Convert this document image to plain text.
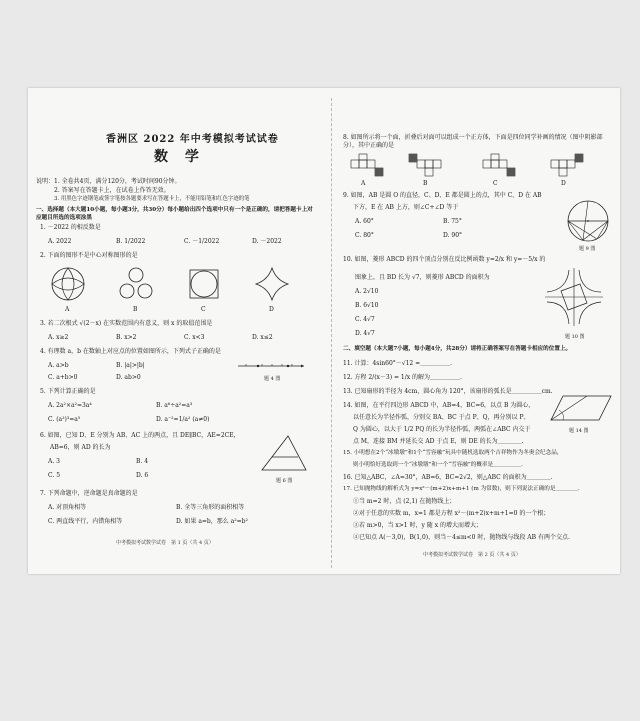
香洲区 2022 年中考模拟考试试卷
数 学
说明：1. 全卷共4页，满分120分，考试时间90分钟。
2. 答案写在答题卡上，在试卷上作答无效。
3. 用黑色字迹钢笔或签字笔按各题要求写在答题卡上，不能用铅笔和红色字迹的笔
一、选择题（本大题10小题，每小题3分，共30分）每小题给出四个选项中只有一个是正确的，请把答题卡上对应题目所选的选项涂黑
1. －2022 的相反数是
A. 2022	B. 1/2022	C. －1/2022	D. －2022
2. 下面的图形不是中心对称图形的是
A	B	C	D
3. 若二次根式 √(2－x) 在实数范围内有意义，则 x 的取值范围是
A. x≥2	B. x>2	C. x<3	D. x≤2
4. 有理数 a，b 在数轴上对应点的位置如图所示，下列式子正确的是
A. a>b	B. |a|>|b|
C. a+b>0	D. ab>0	题 4 图
5. 下列计算正确的是
A. 2a²×a²=3a⁴	B. a⁶÷a²=a³
C. (a²)³=a⁵	D. a⁻²=1/a² (a≠0)
6. 如图，已知 D、E 分别为 AB、AC 上的两点，且 DE∥BC，AE=2CE，
AB=6，则 AD 的长为
A. 3	B. 4
C. 5	D. 6
题 6 图
7. 下列命题中，逆命题是真命题的是
A. 对顶角相等	B. 全等三角形的面积相等
C. 两直线平行，内错角相等	D. 如果 a=b，那么 a²=b²
中考模拟考试数学试卷　第 1 页（共 4 页）
8. 如图所示将一个面，折叠后对面可以组成一个正方体，下面是四位同学补画的情况（图中阴影部分），其中正确的是
A	B	C	D
9. 如图，AB 是圆 O 的直径，C、D、E 都是圆上的点，其中 C、D 在 AB
下方，E 在 AB 上方，则∠C+∠D 等于
A. 60°	B. 75°
C. 80°	D. 90°
题 9 图
10. 如图，菱形 ABCD 的四个顶点分别在反比例函数 y=2/x 和 y=－5/x 的
图象上，且 BD 长为 √7，则菱形 ABCD 的面积为
A. 2√10
B. 6√10
C. 4√7
D. 4√7	题 10 图
二、填空题（本大题7小题，每小题4分，共28分）请将正确答案写在答题卡相应的位置上。
11. 计算：4sin60°－√12 =＿＿＿＿＿.
12. 方程 2/(x－3) = 1/x 的解为＿＿＿＿＿.
13. 已知扇形的半径为 4cm，圆心角为 120°，该扇形的弧长是＿＿＿＿＿cm.
14. 如图，在平行四边形 ABCD 中，AB=4，BC=6，以点 B 为圆心，
以任意长为半径作弧，分别交 BA、BC 于点 P、Q，再分别以 P、
Q 为圆心，以大于 1/2 PQ 的长为半径作弧，两弧在∠ABC 内交于
点 M，连接 BM 并延长交 AD 于点 E，则 DE 的长为＿＿＿＿.
题 14 图
15. 小明想在2个“冰墩墩”和1个“雪容融”玩具中随机选取两个吉祥物作为冬奥会纪念品，
则小明恰好选取到一个“冰墩墩”和一个“雪容融”的概率是＿＿＿＿＿.
16. 已知△ABC，∠A=30°，AB=6，BC=2√2，则△ABC 的面积为＿＿＿＿.
17. 已知抛物线的解析式为 y=x²－(m+2)x+m+1 (m 为常数)，则下列说法正确的是＿＿＿＿.
①当 m=2 时，点 (2,1) 在抛物线上；
②对于任意的实数 m，x=1 都是方程 x²－(m+2)x+m+1=0 的一个根；
③若 m>0，当 x>1 时，y 随 x 的增大而增大；
④已知点 A(－3,0)，B(1,0)，则当－4≤m<0 时，抛物线与线段 AB 有两个交点.
中考模拟考试数学试卷　第 2 页（共 4 页）
